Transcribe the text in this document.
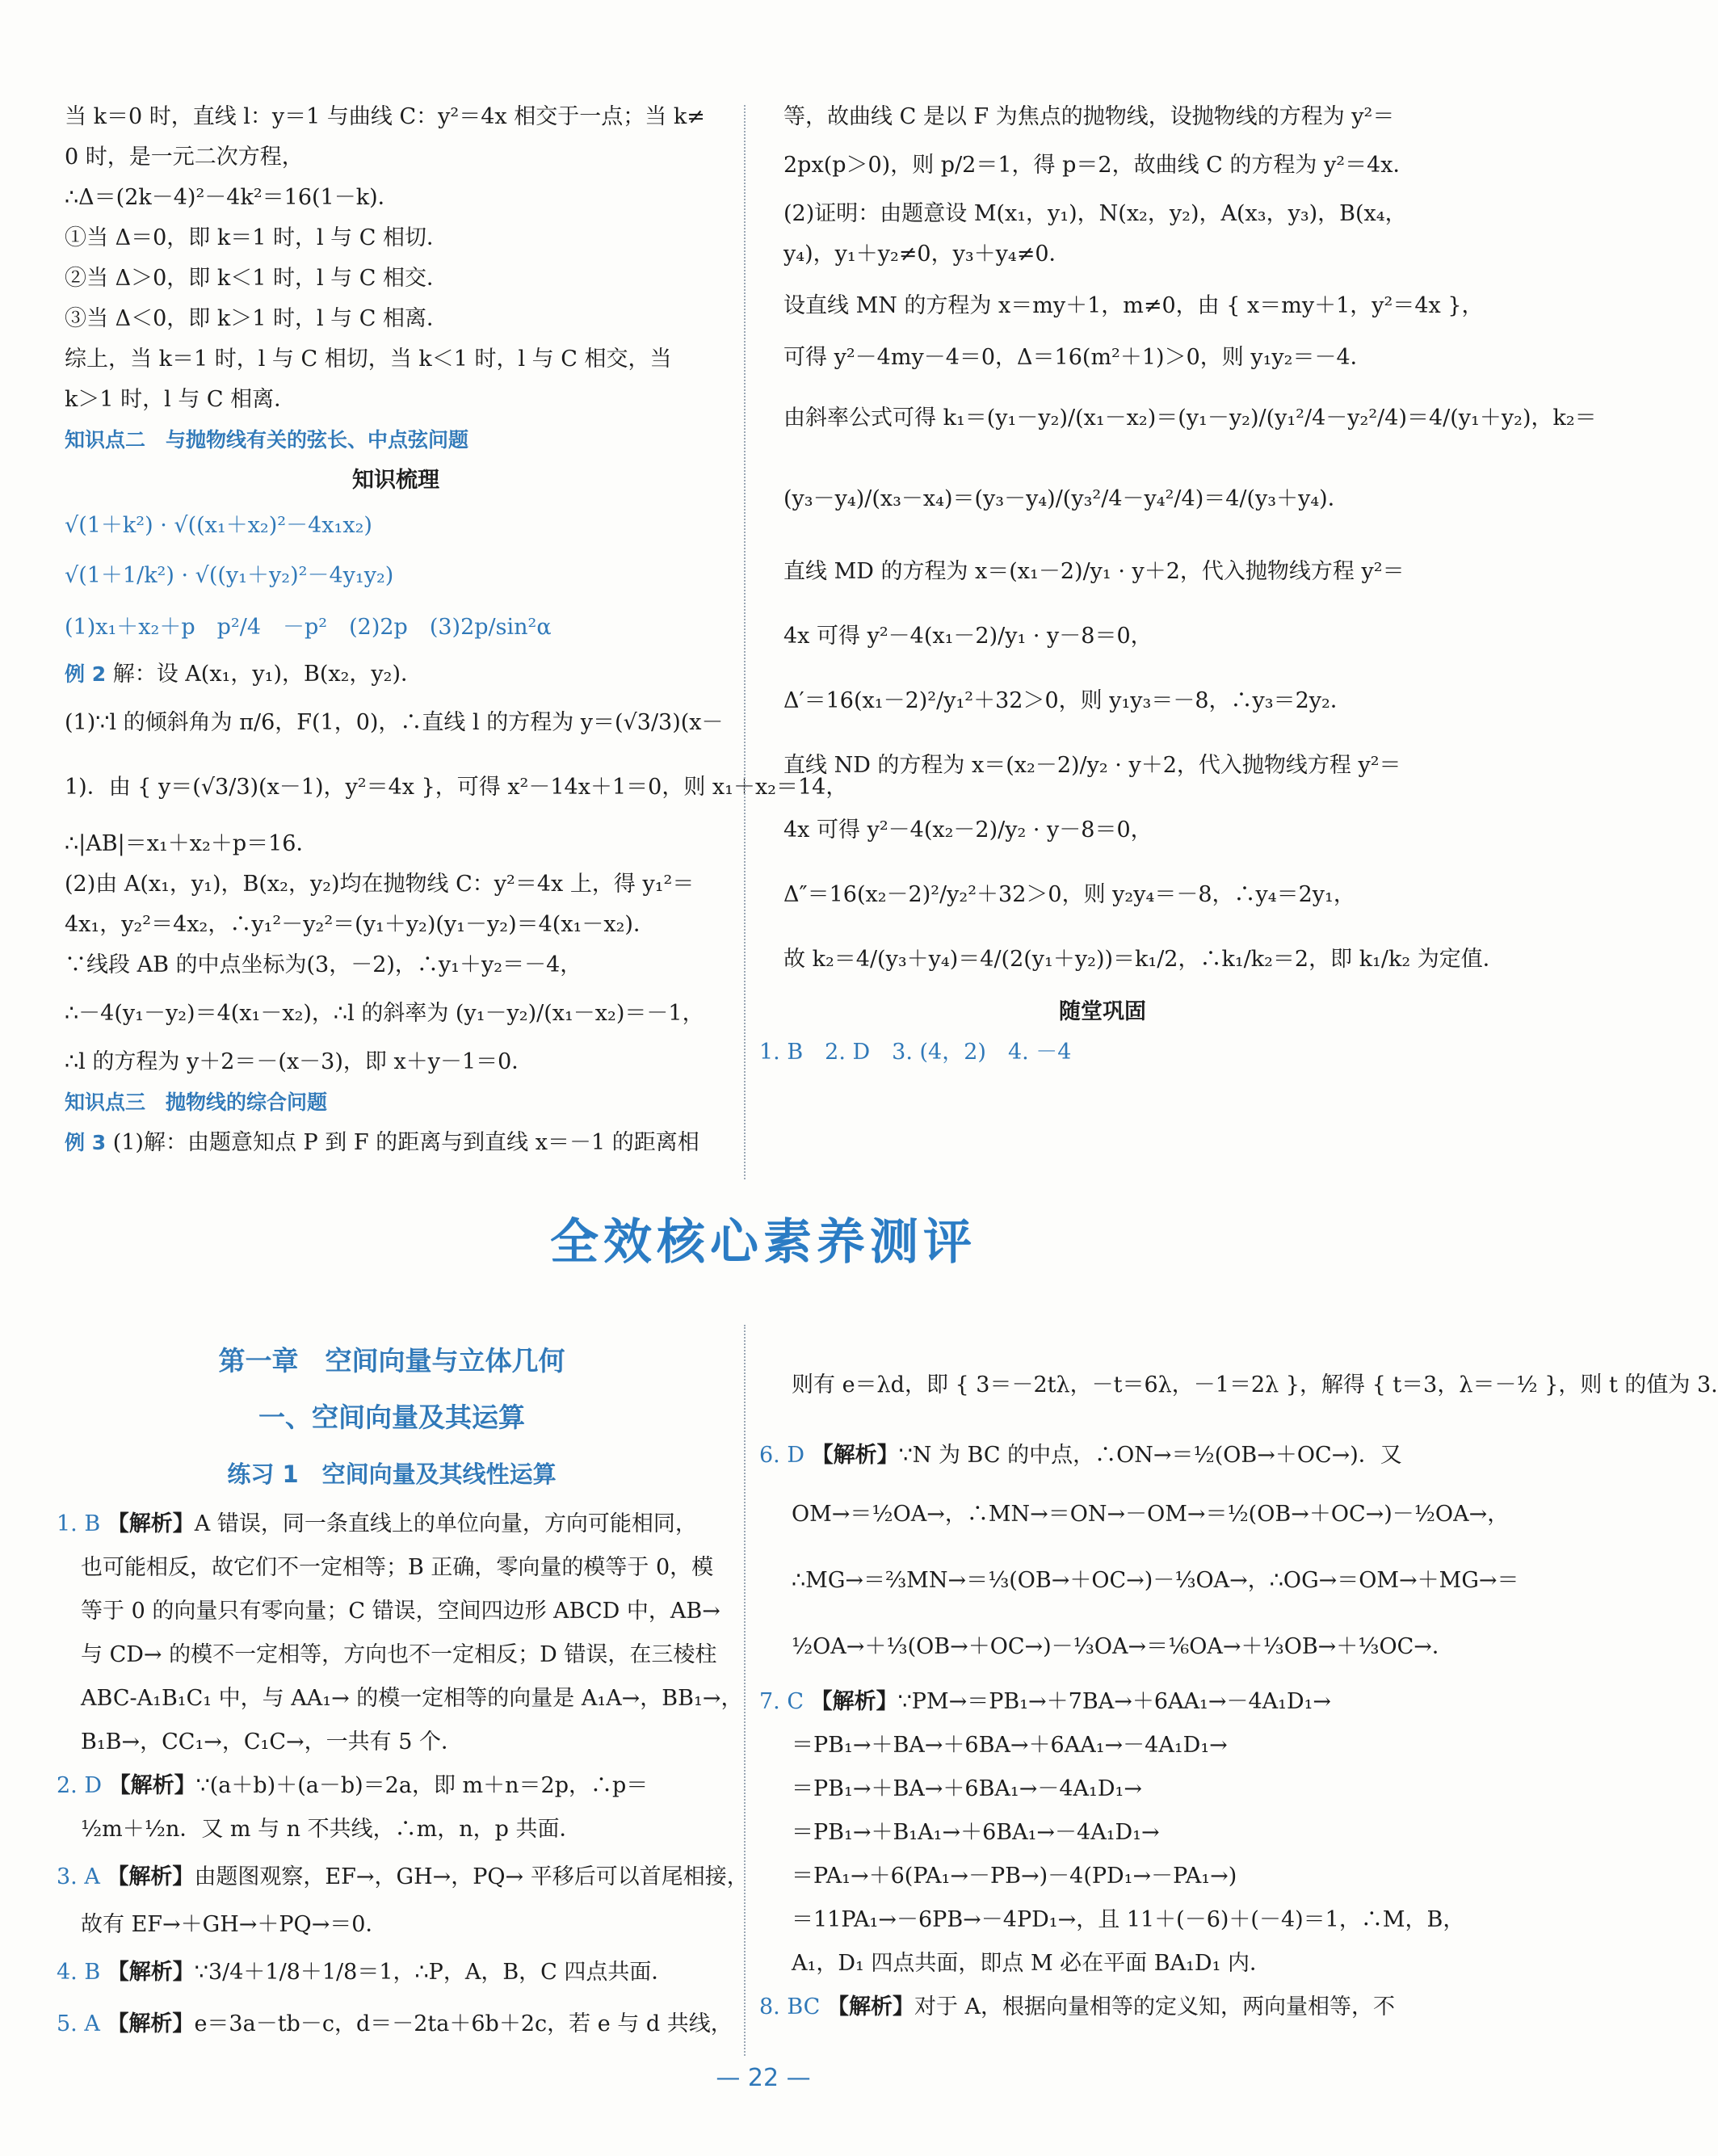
当 k＝0 时，直线 l：y＝1 与曲线 C：y²＝4x 相交于一点；当 k≠

0 时，是一元二次方程，

∴Δ＝(2k－4)²－4k²＝16(1－k)．

①当 Δ＝0，即 k＝1 时，l 与 C 相切．

②当 Δ＞0，即 k＜1 时，l 与 C 相交．

③当 Δ＜0，即 k＞1 时，l 与 C 相离．

综上，当 k＝1 时，l 与 C 相切，当 k＜1 时，l 与 C 相交，当

k＞1 时，l 与 C 相离．

知识点二　与抛物线有关的弦长、中点弦问题

知识梳理

√(1＋k²) · √((x₁＋x₂)²－4x₁x₂)

√(1＋1/k²) · √((y₁＋y₂)²－4y₁y₂)

(1)x₁＋x₂＋p　p²/4　－p²　(2)2p　(3)2p/sin²α

例 2 解：设 A(x₁，y₁)，B(x₂，y₂)．

(1)∵l 的倾斜角为 π/6，F(1，0)，∴直线 l 的方程为 y＝(√3/3)(x－

1)．由 { y＝(√3/3)(x－1)，y²＝4x }，可得 x²－14x＋1＝0，则 x₁＋x₂＝14，

∴|AB|＝x₁＋x₂＋p＝16．

(2)由 A(x₁，y₁)，B(x₂，y₂)均在抛物线 C：y²＝4x 上，得 y₁²＝

4x₁，y₂²＝4x₂，∴y₁²－y₂²＝(y₁＋y₂)(y₁－y₂)＝4(x₁－x₂)．

∵线段 AB 的中点坐标为(3，－2)，∴y₁＋y₂＝－4，

∴－4(y₁－y₂)＝4(x₁－x₂)，∴l 的斜率为 (y₁－y₂)/(x₁－x₂)＝－1，

∴l 的方程为 y＋2＝－(x－3)，即 x＋y－1＝0．

知识点三　抛物线的综合问题

例 3 (1)解：由题意知点 P 到 F 的距离与到直线 x＝－1 的距离相

等，故曲线 C 是以 F 为焦点的抛物线，设抛物线的方程为 y²＝

2px(p＞0)，则 p/2＝1，得 p＝2，故曲线 C 的方程为 y²＝4x．

(2)证明：由题意设 M(x₁，y₁)，N(x₂，y₂)，A(x₃，y₃)，B(x₄，

y₄)，y₁＋y₂≠0，y₃＋y₄≠0．

设直线 MN 的方程为 x＝my＋1，m≠0，由 { x＝my＋1，y²＝4x }，

可得 y²－4my－4＝0，Δ＝16(m²＋1)＞0，则 y₁y₂＝－4．

由斜率公式可得 k₁＝(y₁－y₂)/(x₁－x₂)＝(y₁－y₂)/(y₁²/4－y₂²/4)＝4/(y₁＋y₂)，k₂＝

(y₃－y₄)/(x₃－x₄)＝(y₃－y₄)/(y₃²/4－y₄²/4)＝4/(y₃＋y₄)．

直线 MD 的方程为 x＝(x₁－2)/y₁ · y＋2，代入抛物线方程 y²＝

4x 可得 y²－4(x₁－2)/y₁ · y－8＝0，

Δ′＝16(x₁－2)²/y₁²＋32＞0，则 y₁y₃＝－8，∴y₃＝2y₂．

直线 ND 的方程为 x＝(x₂－2)/y₂ · y＋2，代入抛物线方程 y²＝

4x 可得 y²－4(x₂－2)/y₂ · y－8＝0，

Δ″＝16(x₂－2)²/y₂²＋32＞0，则 y₂y₄＝－8，∴y₄＝2y₁，

故 k₂＝4/(y₃＋y₄)＝4/(2(y₁＋y₂))＝k₁/2，∴k₁/k₂＝2，即 k₁/k₂ 为定值．

随堂巩固

1. B　2. D　3. (4，2)　4. －4

全效核心素养测评

第一章　空间向量与立体几何

一、空间向量及其运算

练习 1　空间向量及其线性运算

1. B 【解析】A 错误，同一条直线上的单位向量，方向可能相同，

也可能相反，故它们不一定相等；B 正确，零向量的模等于 0，模

等于 0 的向量只有零向量；C 错误，空间四边形 ABCD 中，AB→

与 CD→ 的模不一定相等，方向也不一定相反；D 错误，在三棱柱

ABC-A₁B₁C₁ 中，与 AA₁→ 的模一定相等的向量是 A₁A→，BB₁→，

B₁B→，CC₁→，C₁C→，一共有 5 个．

2. D 【解析】∵(a＋b)＋(a－b)＝2a，即 m＋n＝2p，∴p＝

½m＋½n．又 m 与 n 不共线，∴m，n，p 共面．

3. A 【解析】由题图观察，EF→，GH→，PQ→ 平移后可以首尾相接，

故有 EF→＋GH→＋PQ→＝0．

4. B 【解析】∵3/4＋1/8＋1/8＝1，∴P，A，B，C 四点共面．

5. A 【解析】e＝3a－tb－c，d＝－2ta＋6b＋2c，若 e 与 d 共线，

则有 e＝λd，即 { 3＝－2tλ，－t＝6λ，－1＝2λ }，解得 { t＝3，λ＝－½ }，则 t 的值为 3.

6. D 【解析】∵N 为 BC 的中点，∴ON→＝½(OB→＋OC→)．又

OM→＝½OA→，∴MN→＝ON→－OM→＝½(OB→＋OC→)－½OA→，

∴MG→＝⅔MN→＝⅓(OB→＋OC→)－⅓OA→，∴OG→＝OM→＋MG→＝

½OA→＋⅓(OB→＋OC→)－⅓OA→＝⅙OA→＋⅓OB→＋⅓OC→．

7. C 【解析】∵PM→＝PB₁→＋7BA→＋6AA₁→－4A₁D₁→

＝PB₁→＋BA→＋6BA→＋6AA₁→－4A₁D₁→

＝PB₁→＋BA→＋6BA₁→－4A₁D₁→

＝PB₁→＋B₁A₁→＋6BA₁→－4A₁D₁→

＝PA₁→＋6(PA₁→－PB→)－4(PD₁→－PA₁→)

＝11PA₁→－6PB→－4PD₁→，且 11＋(－6)＋(－4)＝1，∴M，B，

A₁，D₁ 四点共面，即点 M 必在平面 BA₁D₁ 内．

8. BC 【解析】对于 A，根据向量相等的定义知，两向量相等，不

— 22 —
